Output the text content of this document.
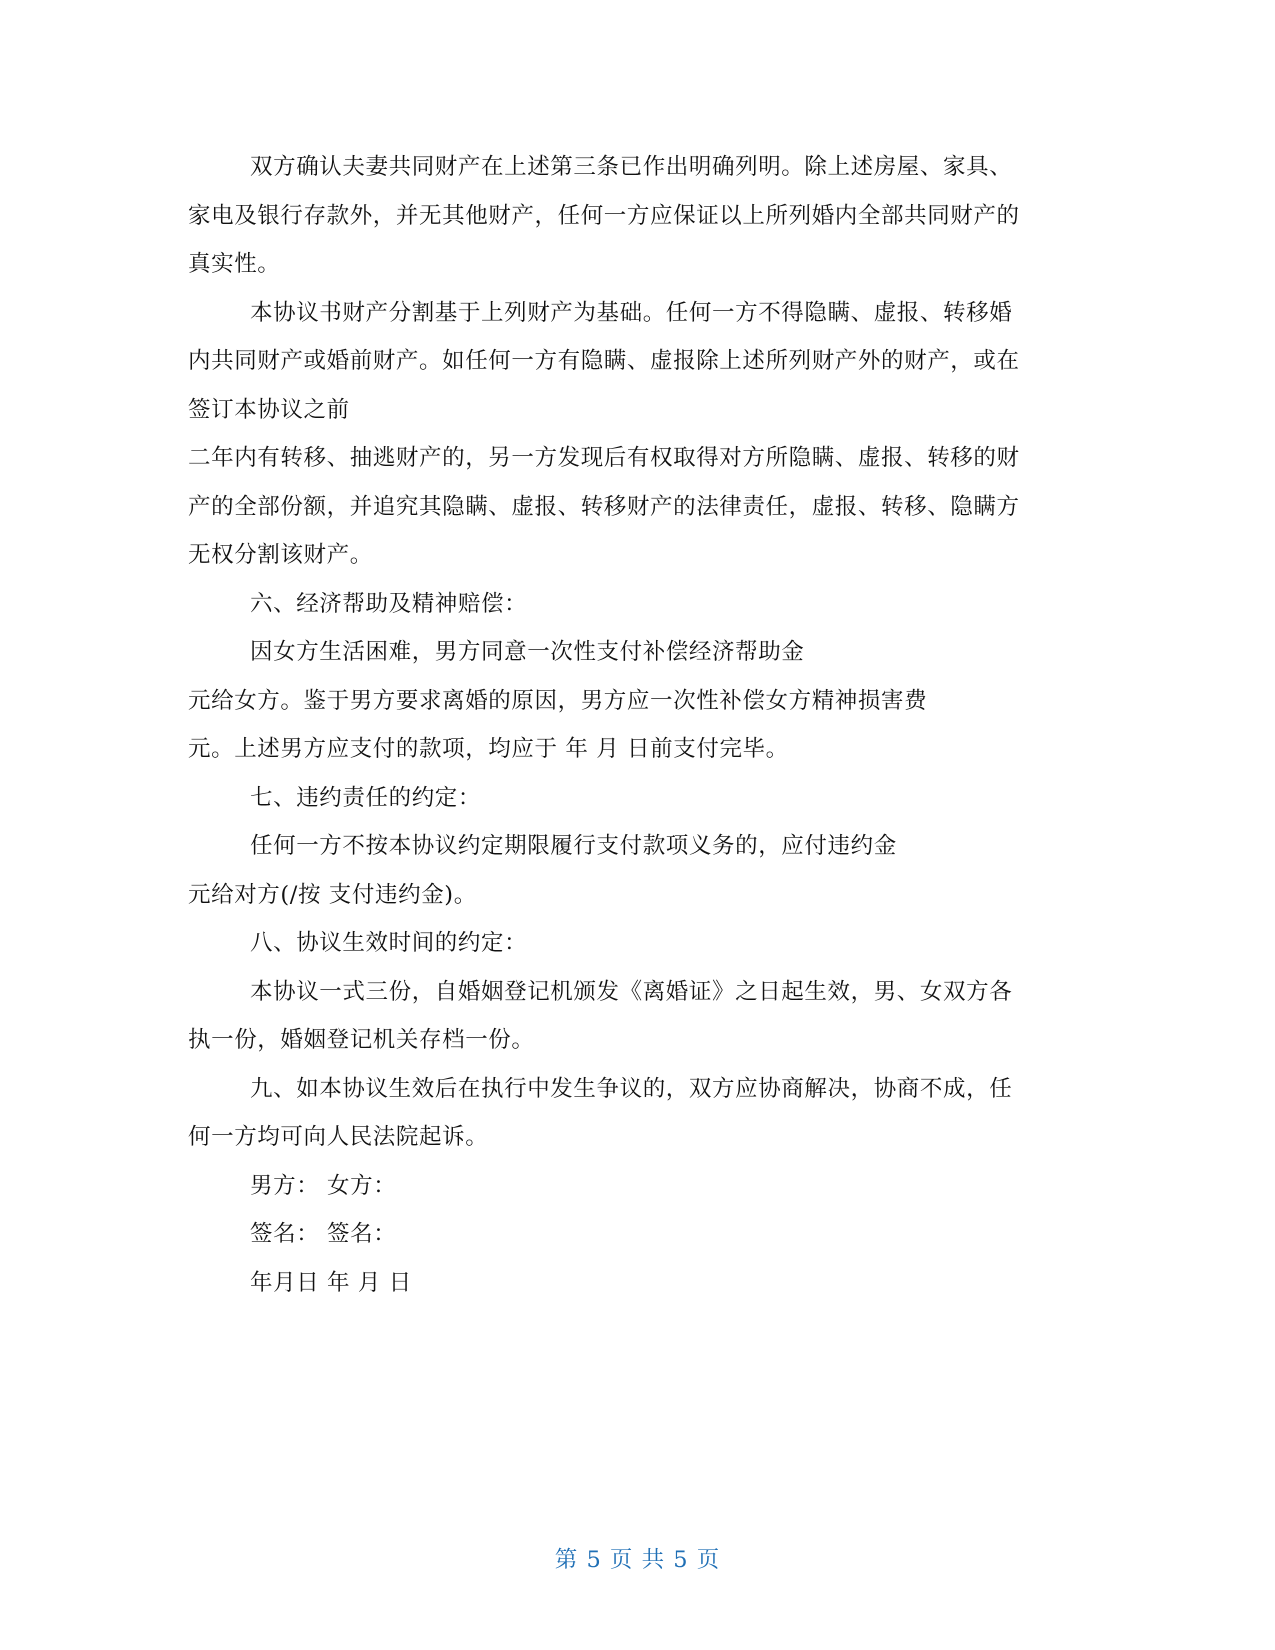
双方确认夫妻共同财产在上述第三条已作出明确列明。除上述房屋、家具、
家电及银行存款外，并无其他财产，任何一方应保证以上所列婚内全部共同财产的
真实性。
本协议书财产分割基于上列财产为基础。任何一方不得隐瞒、虚报、转移婚
内共同财产或婚前财产。如任何一方有隐瞒、虚报除上述所列财产外的财产，或在
签订本协议之前
二年内有转移、抽逃财产的，另一方发现后有权取得对方所隐瞒、虚报、转移的财
产的全部份额，并追究其隐瞒、虚报、转移财产的法律责任，虚报、转移、隐瞒方
无权分割该财产。
六、经济帮助及精神赔偿：
因女方生活困难，男方同意一次性支付补偿经济帮助金
元给女方。鉴于男方要求离婚的原因，男方应一次性补偿女方精神损害费
元。上述男方应支付的款项，均应于 年 月 日前支付完毕。
七、违约责任的约定：
任何一方不按本协议约定期限履行支付款项义务的，应付违约金
元给对方(/按 支付违约金)。
八、协议生效时间的约定：
本协议一式三份，自婚姻登记机颁发《离婚证》之日起生效，男、女双方各
执一份，婚姻登记机关存档一份。
九、如本协议生效后在执行中发生争议的，双方应协商解决，协商不成，任
何一方均可向人民法院起诉。
男方： 女方：
签名： 签名：
年月日 年 月 日
第 5 页 共 5 页
